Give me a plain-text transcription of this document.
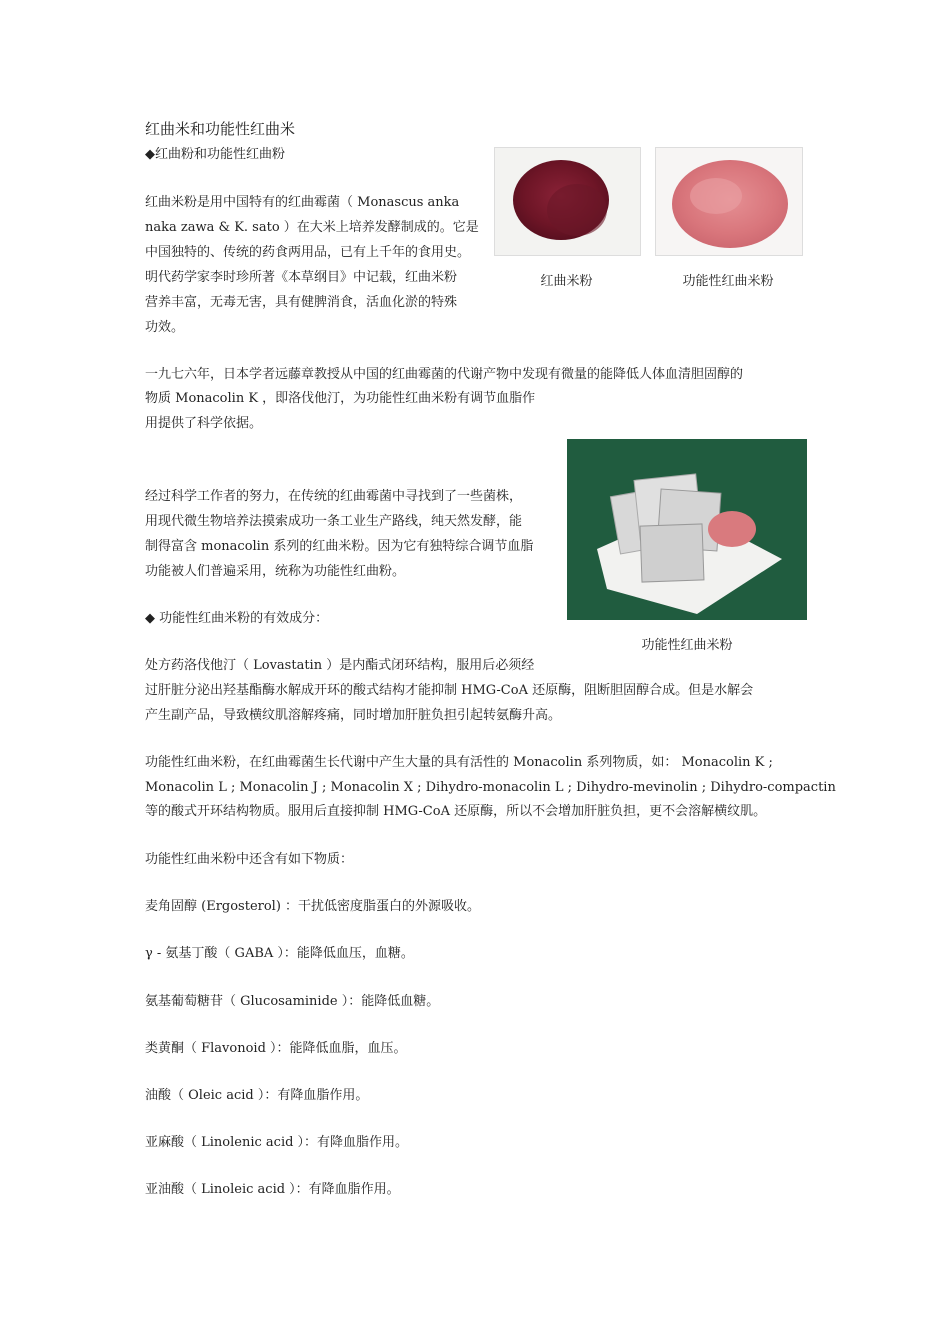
红曲米和功能性红曲米
◆红曲粉和功能性红曲粉
红曲米粉是用中国特有的红曲霉菌（ Monascus anka
naka zawa & K. sato ）在大米上培养发酵制成的。它是
中国独特的、传统的药食两用品，已有上千年的食用史。
明代药学家李时珍所著《本草纲目》中记载，红曲米粉
营养丰富，无毒无害，具有健脾消食，活血化淤的特殊
功效。
红曲米粉	功能性红曲米粉
一九七六年，日本学者远藤章教授从中国的红曲霉菌的代谢产物中发现有微量的能降低人体血清胆固醇的
物质 Monacolin K ，即洛伐他汀，为功能性红曲米粉有调节血脂作
用提供了科学依据。
功能性红曲米粉
经过科学工作者的努力，在传统的红曲霉菌中寻找到了一些菌株，
用现代微生物培养法摸索成功一条工业生产路线，纯天然发酵，能
制得富含 monacolin 系列的红曲米粉。因为它有独特综合调节血脂
功能被人们普遍采用，统称为功能性红曲粉。
◆ 功能性红曲米粉的有效成分：
处方药洛伐他汀（ Lovastatin ）是内酯式闭环结构，服用后必须经
过肝脏分泌出羟基酯酶水解成开环的酸式结构才能抑制 HMG-CoA 还原酶，阻断胆固醇合成。但是水解会
产生副产品，导致横纹肌溶解疼痛，同时增加肝脏负担引起转氨酶升高。
功能性红曲米粉，在红曲霉菌生长代谢中产生大量的具有活性的 Monacolin 系列物质，如： Monacolin K ;
Monacolin L ; Monacolin J ; Monacolin X ; Dihydro-monacolin L ; Dihydro-mevinolin ; Dihydro-compactin
等的酸式开环结构物质。服用后直接抑制 HMG-CoA 还原酶，所以不会增加肝脏负担，更不会溶解横纹肌。
功能性红曲米粉中还含有如下物质：
麦角固醇 (Ergosterol) ：干扰低密度脂蛋白的外源吸收。
γ - 氨基丁酸（ GABA ）：能降低血压，血糖。
氨基葡萄糖苷（ Glucosaminide ）：能降低血糖。
类黄酮（ Flavonoid ）：能降低血脂，血压。
油酸（ Oleic acid ）：有降血脂作用。
亚麻酸（ Linolenic acid ）：有降血脂作用。
亚油酸（ Linoleic acid ）：有降血脂作用。
